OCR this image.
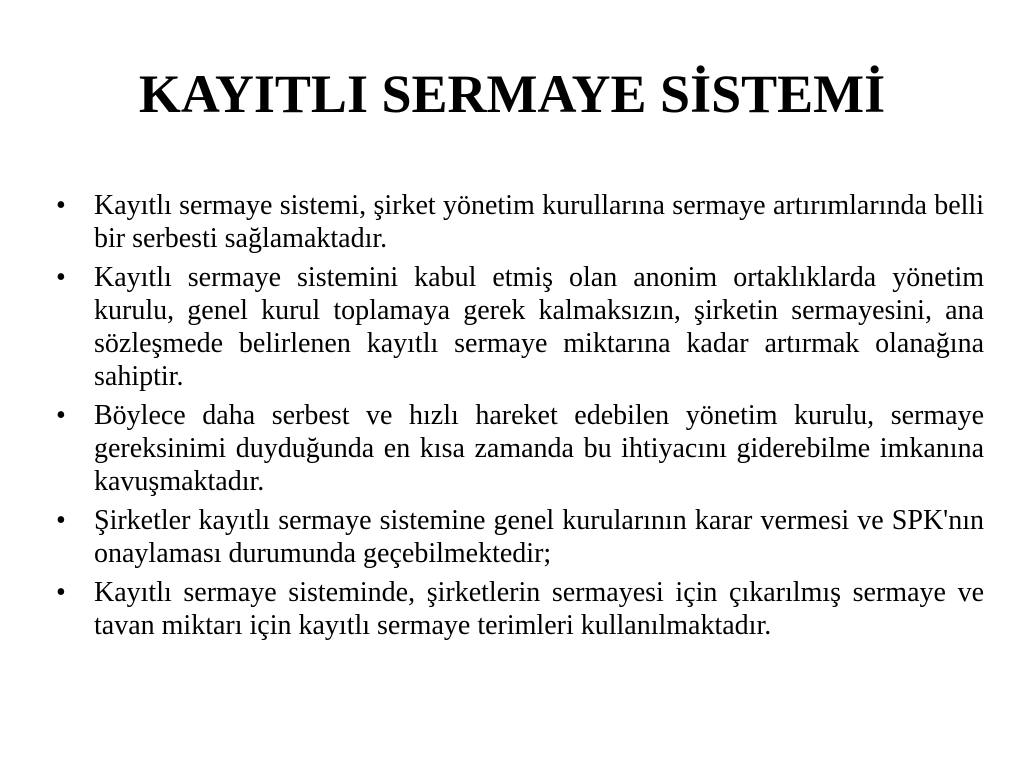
KAYITLI SERMAYE SİSTEMİ
•	Kayıtlı sermaye sistemi, şirket yönetim kurullarına sermaye artırımlarında belli bir serbesti sağlamaktadır.
•	Kayıtlı sermaye sistemini kabul etmiş olan anonim ortaklıklarda yönetim kurulu, genel kurul toplamaya gerek kalmaksızın, şirketin sermayesini, ana sözleşmede belirlenen kayıtlı sermaye miktarına kadar artırmak olanağına sahiptir.
•	Böylece daha serbest ve hızlı hareket edebilen yönetim kurulu, sermaye gereksinimi duyduğunda en kısa zamanda bu ihtiyacını giderebilme imkanına kavuşmaktadır.
•	Şirketler kayıtlı sermaye sistemine genel kurularının karar vermesi ve SPK'nın onaylaması durumunda geçebilmektedir;
•	Kayıtlı sermaye sisteminde, şirketlerin sermayesi için çıkarılmış sermaye ve tavan miktarı için kayıtlı sermaye terimleri kullanılmaktadır.
